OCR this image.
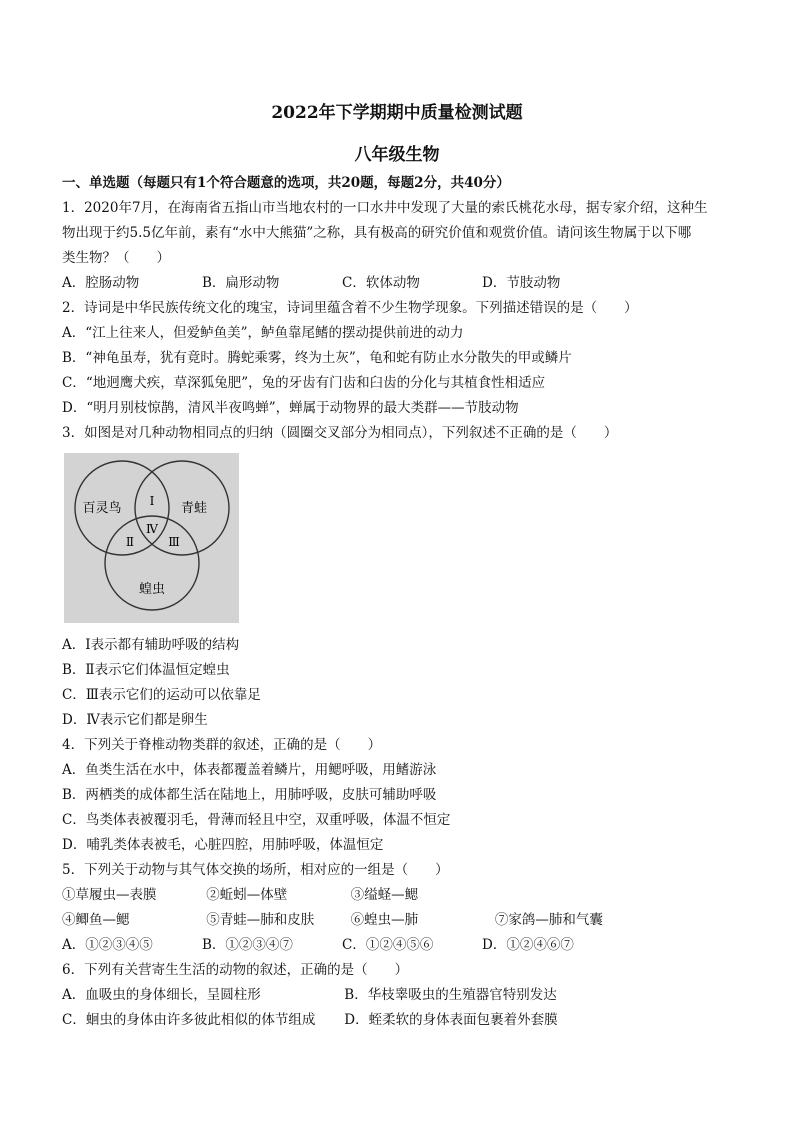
2022年下学期期中质量检测试题
八年级生物
一、单选题（每题只有1个符合题意的选项，共20题，每题2分，共40分）
1．2020年7月，在海南省五指山市当地农村的一口水井中发现了大量的索氏桃花水母，据专家介绍，这种生
物出现于约5.5亿年前，素有“水中大熊猫”之称，具有极高的研究价值和观赏价值。请问该生物属于以下哪
类生物？（　　）
A．腔肠动物	B．扁形动物	C．软体动物	D．节肢动物
2．诗词是中华民族传统文化的瑰宝，诗词里蕴含着不少生物学现象。下列描述错误的是（　　）
A．“江上往来人，但爱鲈鱼美”，鲈鱼靠尾鳍的摆动提供前进的动力
B．“神龟虽寿，犹有竟时。腾蛇乘雾，终为土灰”，龟和蛇有防止水分散失的甲或鳞片
C．“地迥鹰犬疾，草深狐兔肥”，兔的牙齿有门齿和臼齿的分化与其植食性相适应
D．“明月别枝惊鹊，清风半夜鸣蝉”，蝉属于动物界的最大类群——节肢动物
3．如图是对几种动物相同点的归纳（圆圈交叉部分为相同点），下列叙述不正确的是（　　）
百灵鸟	青蛙
蝗虫
Ⅰ
Ⅱ	Ⅲ
Ⅳ
A．Ⅰ表示都有辅助呼吸的结构
B．Ⅱ表示它们体温恒定蝗虫
C．Ⅲ表示它们的运动可以依靠足
D．Ⅳ表示它们都是卵生
4．下列关于脊椎动物类群的叙述，正确的是（　　）
A．鱼类生活在水中，体表都覆盖着鳞片，用鳃呼吸，用鳍游泳
B．两栖类的成体都生活在陆地上，用肺呼吸，皮肤可辅助呼吸
C．鸟类体表被覆羽毛，骨薄而轻且中空，双重呼吸，体温不恒定
D．哺乳类体表被毛，心脏四腔，用肺呼吸，体温恒定
5．下列关于动物与其气体交换的场所，相对应的一组是（　　）
①草履虫—表膜	②蚯蚓—体壁	③缢蛏—鳃
④鲫鱼—鳃	⑤青蛙—肺和皮肤	⑥蝗虫—肺	⑦家鸽—肺和气囊
A．①②③④⑤	B．①②③④⑦	C．①②④⑤⑥	D．①②④⑥⑦
6．下列有关营寄生生活的动物的叙述，正确的是（　　）
A．血吸虫的身体细长，呈圆柱形	B．华枝睾吸虫的生殖器官特别发达
C．蛔虫的身体由许多彼此相似的体节组成 D．蛭柔软的身体表面包裹着外套膜
